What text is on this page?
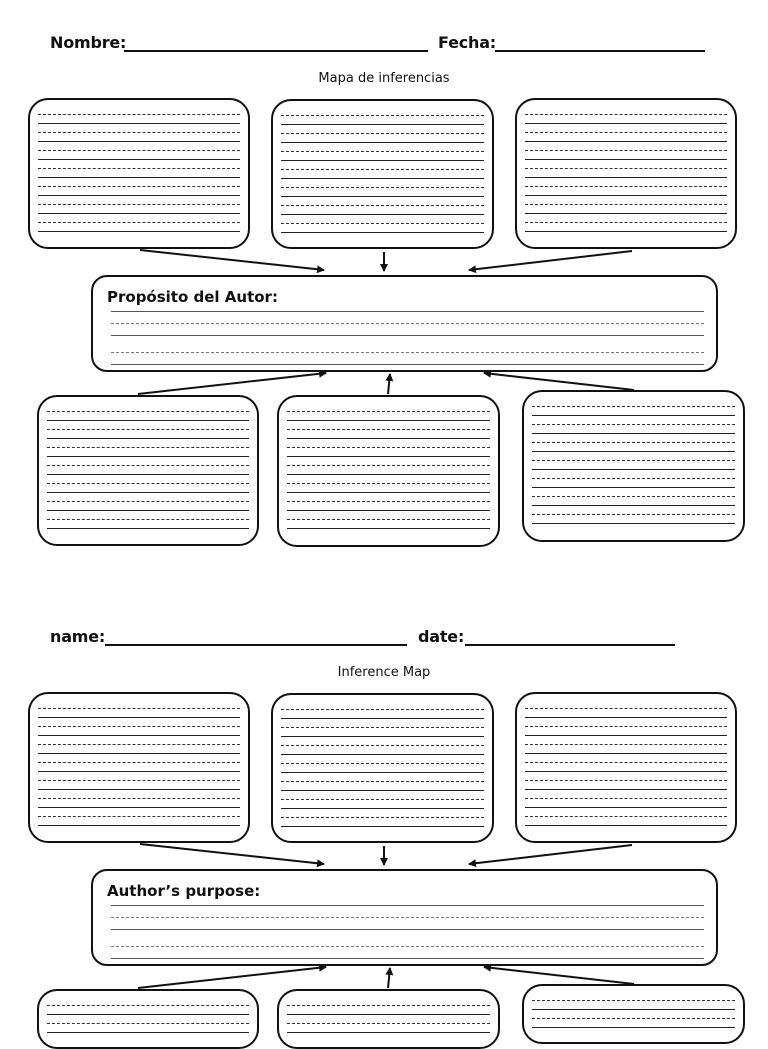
Nombre:	Fecha:
Mapa de inferencias
Propósito del Autor:
name:	date:
Inference Map
Author’s purpose:
